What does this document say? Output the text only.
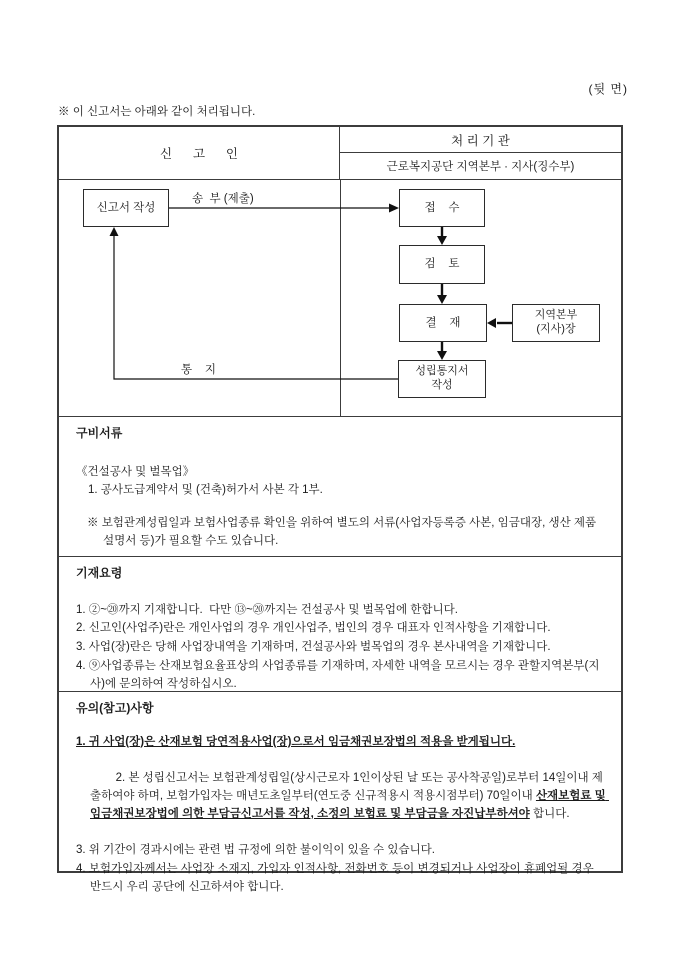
(뒷 면)
※ 이 신고서는 아래와 같이 처리됩니다.
신      고      인
처 리 기 관
근로복지공단 지역본부 · 지사(징수부)
신고서 작성	접    수
검    토
결    재
지역본부
(지사)장
성립통지서
작성
송  부 (제출)
통    지
구비서류
《건설공사 및 벌목업》
1. 공사도급계약서 및 (건축)허가서 사본 각 1부.
※ 보험관계성립일과 보험사업종류 확인을 위하여 별도의 서류(사업자등록증 사본, 임금대장, 생산 제품 설명서 등)가 필요할 수도 있습니다.
기재요령
1. ②~⑳까지 기재합니다.  다만 ⑬~⑳까지는 건설공사 및 벌목업에 한합니다.
2. 신고인(사업주)란은 개인사업의 경우 개인사업주, 법인의 경우 대표자 인적사항을 기재합니다.
3. 사업(장)란은 당해 사업장내역을 기재하며, 건설공사와 벌목업의 경우 본사내역을 기재합니다.
4. ⑨사업종류는 산재보험요율표상의 사업종류를 기재하며, 자세한 내역을 모르시는 경우 관할지역본부(지사)에 문의하여 작성하십시오.
유의(참고)사항
1. 귀 사업(장)은 산재보험 당연적용사업(장)으로서 임금채권보장법의 적용을 받게됩니다.

2. 본 성립신고서는 보험관계성립일(상시근로자 1인이상된 날 또는 공사착공일)로부터 14일이내 제출하여야 하며, 보험가입자는 매년도초일부터(연도중 신규적용시 적용시점부터) 70일이내 산재보험료 및 임금채권보장법에 의한 부담금신고서를 작성, 소정의 보험료 및 부담금을 자진납부하셔야 합니다.

3. 위 기간이 경과시에는 관련 법 규정에 의한 불이익이 있을 수 있습니다.
4. 보험가입자께서는 사업장 소재지, 가입자 인적사항, 전화번호 등이 변경되거나 사업장이 휴폐업될 경우 반드시 우리 공단에 신고하셔야 합니다.
